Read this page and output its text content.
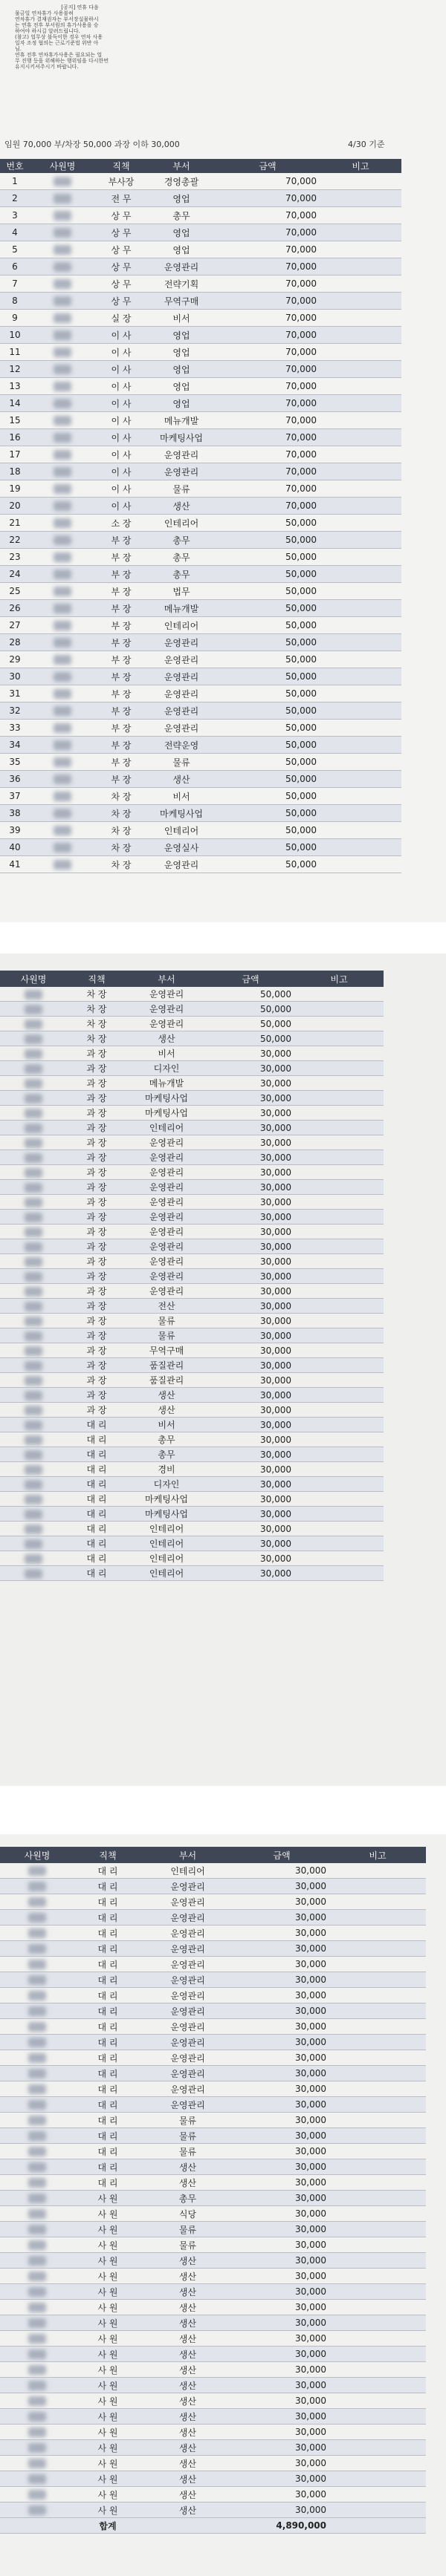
[공지] 연휴 다음
물금일 연차휴가 사용불허
연차휴가 결재권자는 부서장실물하시
는 연휴 전후 부서원의 휴가사용을 승
하여야 하시길 알려드립니다.
(참고) 업무상 불득이한 경우 연차 사용
일자 조정 협의는 근로기준법 위반 아
님.
연휴 전후 연차휴가사용은 필요되는 업
무 진행 등을 위해하는 행위임을 다시한번
유지시키셔주시기 바랍니다.
임원 70,000 부/차장 50,000 과장 이하 30,000	4/30 기준
번호	사원명	직책	부서	금액	비고
1		부사장	경영총괄	70,000	
2		전 무	영업	70,000	
3		상 무	총무	70,000	
4		상 무	영업	70,000	
5		상 무	영업	70,000	
6		상 무	운영관리	70,000	
7		상 무	전략기획	70,000	
8		상 무	무역구매	70,000	
9		실 장	비서	70,000	
10		이 사	영업	70,000	
11		이 사	영업	70,000	
12		이 사	영업	70,000	
13		이 사	영업	70,000	
14		이 사	영업	70,000	
15		이 사	메뉴개발	70,000	
16		이 사	마케팅사업	70,000	
17		이 사	운영관리	70,000	
18		이 사	운영관리	70,000	
19		이 사	물류	70,000	
20		이 사	생산	70,000	
21		소 장	인테리어	50,000	
22		부 장	총무	50,000	
23		부 장	총무	50,000	
24		부 장	총무	50,000	
25		부 장	법무	50,000	
26		부 장	메뉴개발	50,000	
27		부 장	인테리어	50,000	
28		부 장	운영관리	50,000	
29		부 장	운영관리	50,000	
30		부 장	운영관리	50,000	
31		부 장	운영관리	50,000	
32		부 장	운영관리	50,000	
33		부 장	운영관리	50,000	
34		부 장	전략운영	50,000	
35		부 장	물류	50,000	
36		부 장	생산	50,000	
37		차 장	비서	50,000	
38		차 장	마케팅사업	50,000	
39		차 장	인테리어	50,000	
40		차 장	운영실사	50,000	
41		차 장	운영관리	50,000	
사원명	직책	부서	금액	비고
	차 장	운영관리	50,000	
	차 장	운영관리	50,000	
	차 장	운영관리	50,000	
	차 장	생산	50,000	
	과 장	비서	30,000	
	과 장	디자인	30,000	
	과 장	메뉴개발	30,000	
	과 장	마케팅사업	30,000	
	과 장	마케팅사업	30,000	
	과 장	인테리어	30,000	
	과 장	운영관리	30,000	
	과 장	운영관리	30,000	
	과 장	운영관리	30,000	
	과 장	운영관리	30,000	
	과 장	운영관리	30,000	
	과 장	운영관리	30,000	
	과 장	운영관리	30,000	
	과 장	운영관리	30,000	
	과 장	운영관리	30,000	
	과 장	운영관리	30,000	
	과 장	운영관리	30,000	
	과 장	전산	30,000	
	과 장	물류	30,000	
	과 장	물류	30,000	
	과 장	무역구매	30,000	
	과 장	품질관리	30,000	
	과 장	품질관리	30,000	
	과 장	생산	30,000	
	과 장	생산	30,000	
	대 리	비서	30,000	
	대 리	총무	30,000	
	대 리	총무	30,000	
	대 리	경비	30,000	
	대 리	디자인	30,000	
	대 리	마케팅사업	30,000	
	대 리	마케팅사업	30,000	
	대 리	인테리어	30,000	
	대 리	인테리어	30,000	
	대 리	인테리어	30,000	
	대 리	인테리어	30,000	
사원명	직책	부서	금액	비고
	대 리	인테리어	30,000	
	대 리	운영관리	30,000	
	대 리	운영관리	30,000	
	대 리	운영관리	30,000	
	대 리	운영관리	30,000	
	대 리	운영관리	30,000	
	대 리	운영관리	30,000	
	대 리	운영관리	30,000	
	대 리	운영관리	30,000	
	대 리	운영관리	30,000	
	대 리	운영관리	30,000	
	대 리	운영관리	30,000	
	대 리	운영관리	30,000	
	대 리	운영관리	30,000	
	대 리	운영관리	30,000	
	대 리	운영관리	30,000	
	대 리	물류	30,000	
	대 리	물류	30,000	
	대 리	물류	30,000	
	대 리	생산	30,000	
	대 리	생산	30,000	
	사 원	총무	30,000	
	사 원	식당	30,000	
	사 원	물류	30,000	
	사 원	물류	30,000	
	사 원	생산	30,000	
	사 원	생산	30,000	
	사 원	생산	30,000	
	사 원	생산	30,000	
	사 원	생산	30,000	
	사 원	생산	30,000	
	사 원	생산	30,000	
	사 원	생산	30,000	
	사 원	생산	30,000	
	사 원	생산	30,000	
	사 원	생산	30,000	
	사 원	생산	30,000	
	사 원	생산	30,000	
	사 원	생산	30,000	
	사 원	생산	30,000	
	사 원	생산	30,000	
	사 원	생산	30,000	
	합계		4,890,000	
